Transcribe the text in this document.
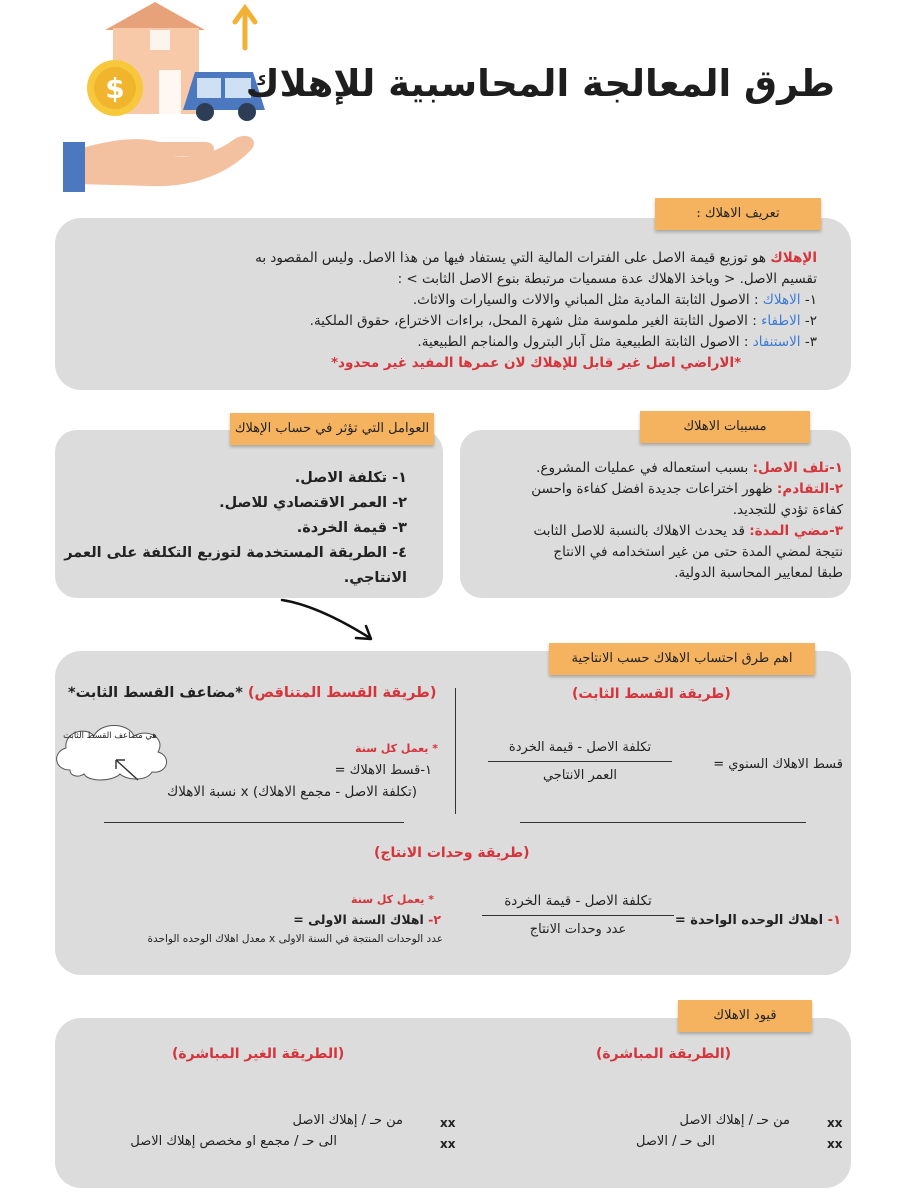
$	طرق المعالجة المحاسبية للإهلاك

الإهلاك هو توزيع قيمة الاصل على الفترات المالية التي يستفاد فيها من هذا الاصل. وليس المقصود به

تقسيم الاصل. < وياخذ الاهلاك عدة مسميات مرتبطة بنوع الاصل الثابت > :

١- الاهلاك : الاصول الثابتة المادية مثل المباني والالات والسيارات والاثاث.

٢- الاطفاء : الاصول الثابتة الغير ملموسة مثل شهرة المحل، براءات الاختراع، حقوق الملكية.

٣- الاستنفاد : الاصول الثابتة الطبيعية مثل آبار البترول والمناجم الطبيعية.

*الاراضي اصل غير قابل للإهلاك لان عمرها المفيد غير محدود*

تعريف الاهلاك :

١-تلف الاصل: بسبب استعماله في عمليات المشروع.

٢-التقادم: ظهور اختراعات جديدة افضل كفاءة واحسن

كفاءة تؤدي للتجديد.

٣-مضي المدة: قد يحدث الاهلاك بالنسبة للاصل الثابت

نتيجة لمضي المدة حتى من غير استخدامه في الانتاج

طبقا لمعايير المحاسبة الدولية.

مسببات الاهلاك

١- تكلفة الاصل.

٢- العمر الاقتصادي للاصل.

٣- قيمة الخردة.

٤- الطريقة المستخدمة لتوزيع التكلفة على العمر

الانتاجي.

العوامل التي تؤثر في حساب الإهلاك
اهم طرق احتساب الاهلاك حسب الانتاجية
(طريقة القسط الثابت)
قسط الاهلاك السنوي =
تكلفة الاصل - قيمة الخردة
العمر الانتاجي
(طريقة القسط المتناقص) *مضاعف القسط الثابت*
هي مضاعف القسط الثابت
* يعمل كل سنة
١-قسط الاهلاك =
(تكلفة الاصل - مجمع الاهلاك) x نسبة الاهلاك
(طريقة وحدات الانتاج)
١- اهلاك الوحده الواحدة =
تكلفة الاصل - قيمة الخردة
عدد وحدات الانتاج
* يعمل كل سنة
٢- اهلاك السنة الاولى =
عدد الوحدات المنتجة في السنة الاولى x معدل اهلاك الوحده الواحدة
قيود الاهلاك
(الطريقة المباشرة)
(الطريقة الغير المباشرة)
xx
من حـ / إهلاك الاصل
xx
الى حـ / الاصل
xx
من حـ / إهلاك الاصل
xx
الى حـ / مجمع او مخصص إهلاك الاصل
